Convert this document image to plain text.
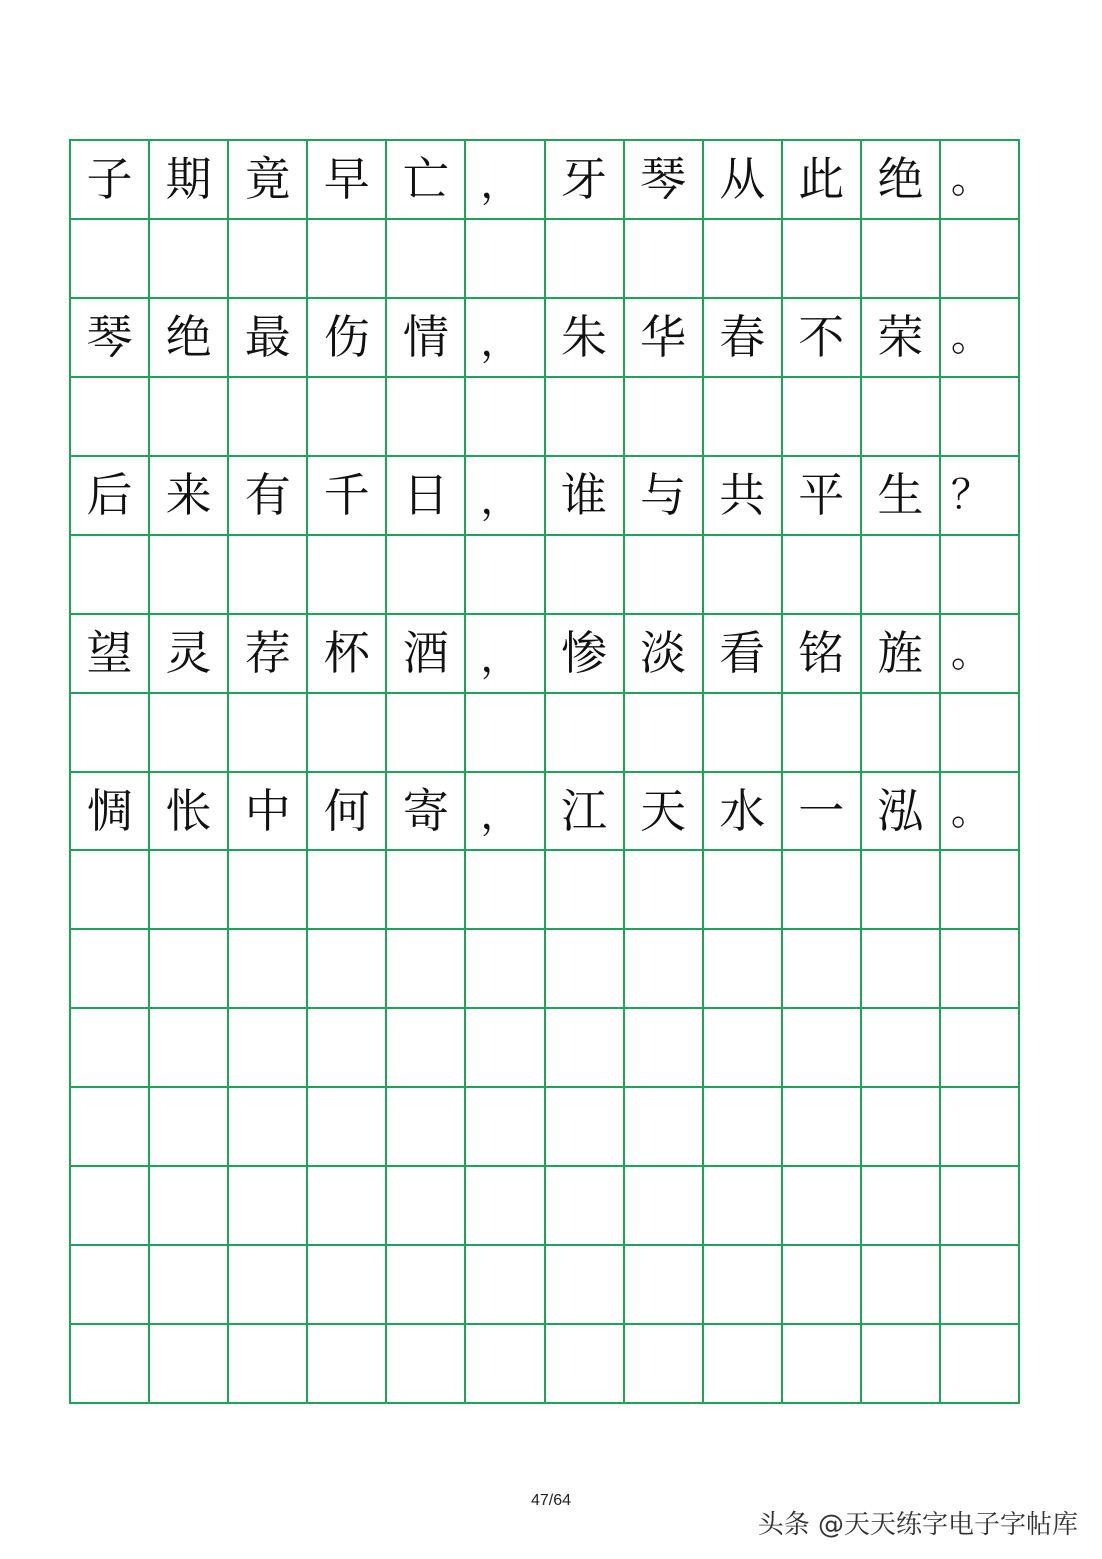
子 期 竟 早 亡 ， 牙 琴 从 此 绝 。
琴 绝 最 伤 情 ， 朱 华 春 不 荣 。
后 来 有 千 日 ， 谁 与 共 平 生 ？
望 灵 荐 杯 酒 ， 惨 淡 看 铭 旌 。
惆 怅 中 何 寄 ， 江 天 水 一 泓 。
47/64
头条 @天天练字电子字帖库
